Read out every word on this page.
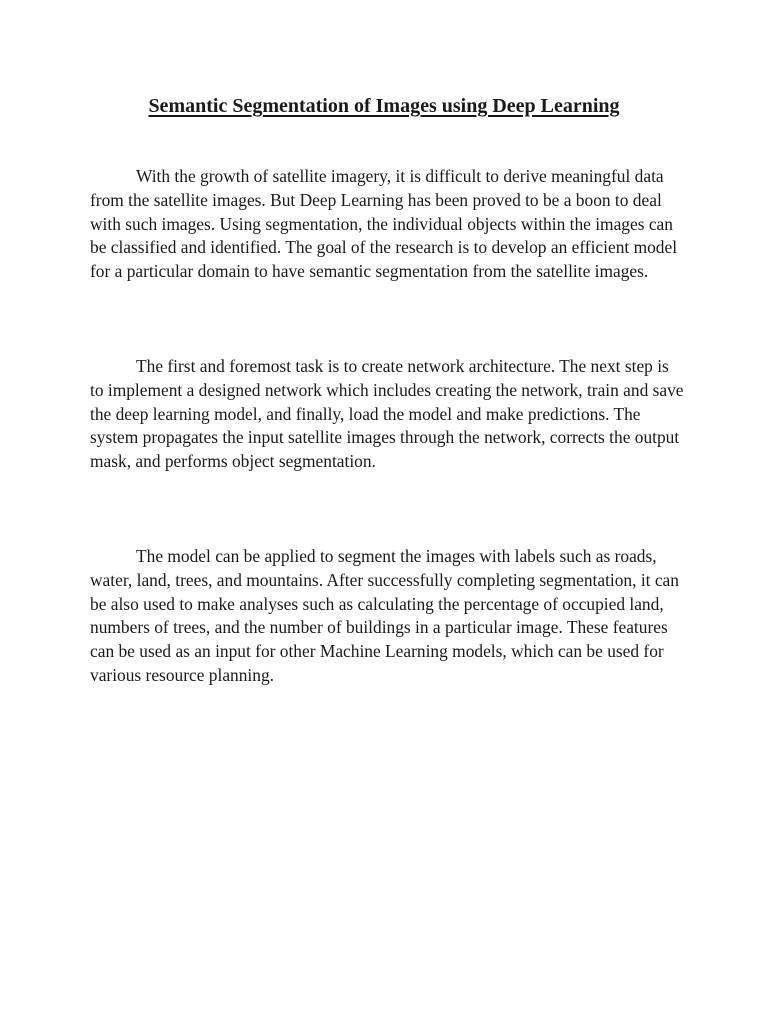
Semantic Segmentation of Images using Deep Learning

With the growth of satellite imagery, it is difficult to derive meaningful data from the satellite images. But Deep Learning has been proved to be a boon to deal with such images. Using segmentation, the individual objects within the images can be classified and identified. The goal of the research is to develop an efficient model for a particular domain to have semantic segmentation from the satellite images.

The first and foremost task is to create network architecture. The next step is to implement a designed network which includes creating the network, train and save the deep learning model, and finally, load the model and make predictions. The system propagates the input satellite images through the network, corrects the output mask, and performs object segmentation.

The model can be applied to segment the images with labels such as roads, water, land, trees, and mountains. After successfully completing segmentation, it can be also used to make analyses such as calculating the percentage of occupied land, numbers of trees, and the number of buildings in a particular image. These features can be used as an input for other Machine Learning models, which can be used for various resource planning.
